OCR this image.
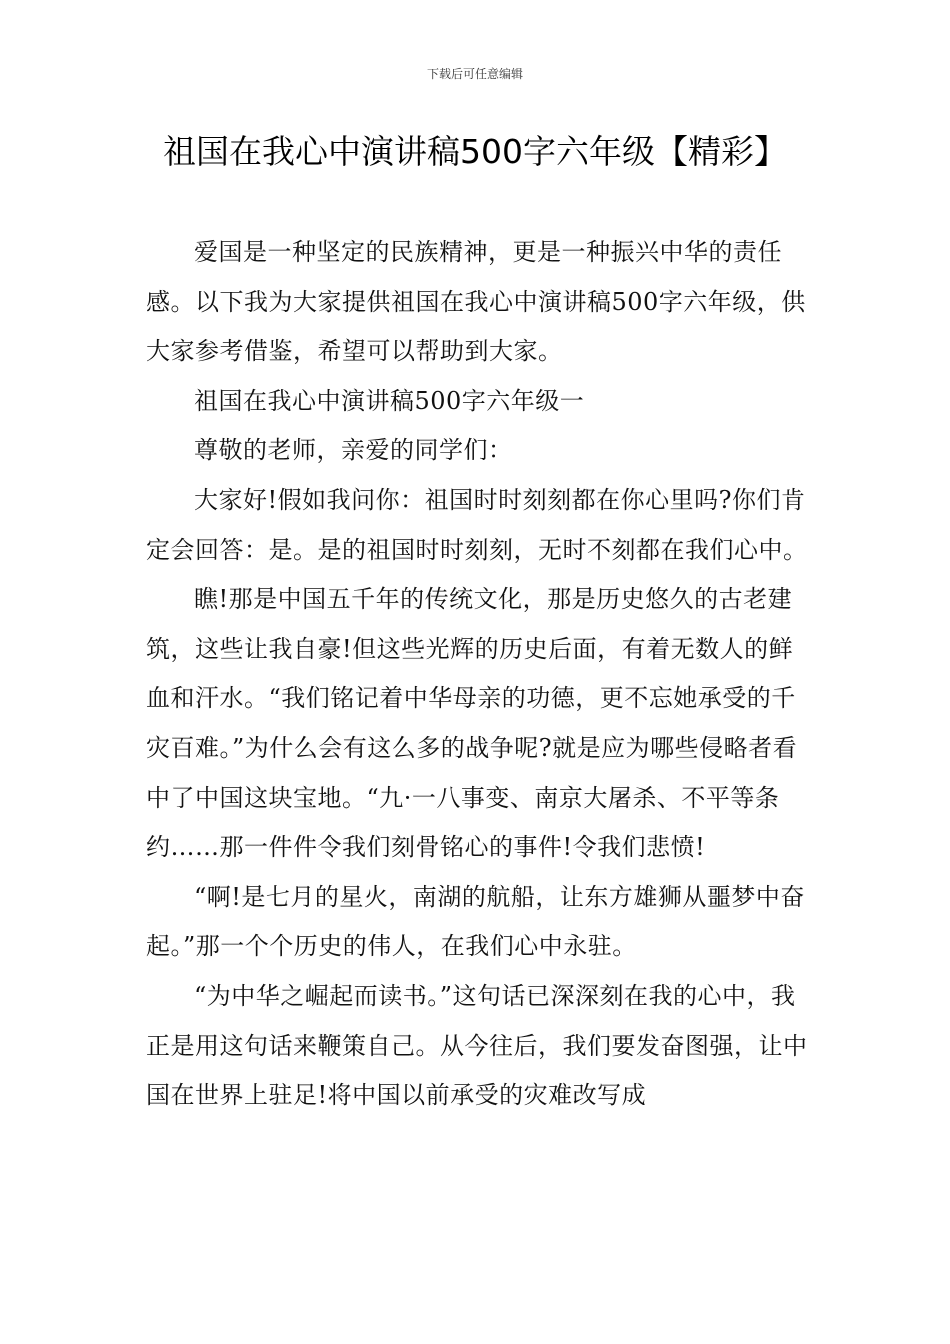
下载后可任意编辑
祖国在我心中演讲稿500字六年级【精彩】

爱国是一种坚定的民族精神，更是一种振兴中华的责任感。以下我为大家提供祖国在我心中演讲稿500字六年级，供大家参考借鉴，希望可以帮助到大家。

祖国在我心中演讲稿500字六年级一

尊敬的老师，亲爱的同学们：

大家好!假如我问你：祖国时时刻刻都在你心里吗?你们肯定会回答：是。是的祖国时时刻刻，无时不刻都在我们心中。

瞧!那是中国五千年的传统文化，那是历史悠久的古老建筑，这些让我自豪!但这些光辉的历史后面，有着无数人的鲜血和汗水。“我们铭记着中华母亲的功德，更不忘她承受的千灾百难。”为什么会有这么多的战争呢?就是应为哪些侵略者看中了中国这块宝地。“九·一八事变、南京大屠杀、不平等条约……那一件件令我们刻骨铭心的事件!令我们悲愤!

“啊!是七月的星火，南湖的航船，让东方雄狮从噩梦中奋起。”那一个个历史的伟人，在我们心中永驻。

“为中华之崛起而读书。”这句话已深深刻在我的心中，我正是用这句话来鞭策自己。从今往后，我们要发奋图强，让中国在世界上驻足!将中国以前承受的灾难改写成
